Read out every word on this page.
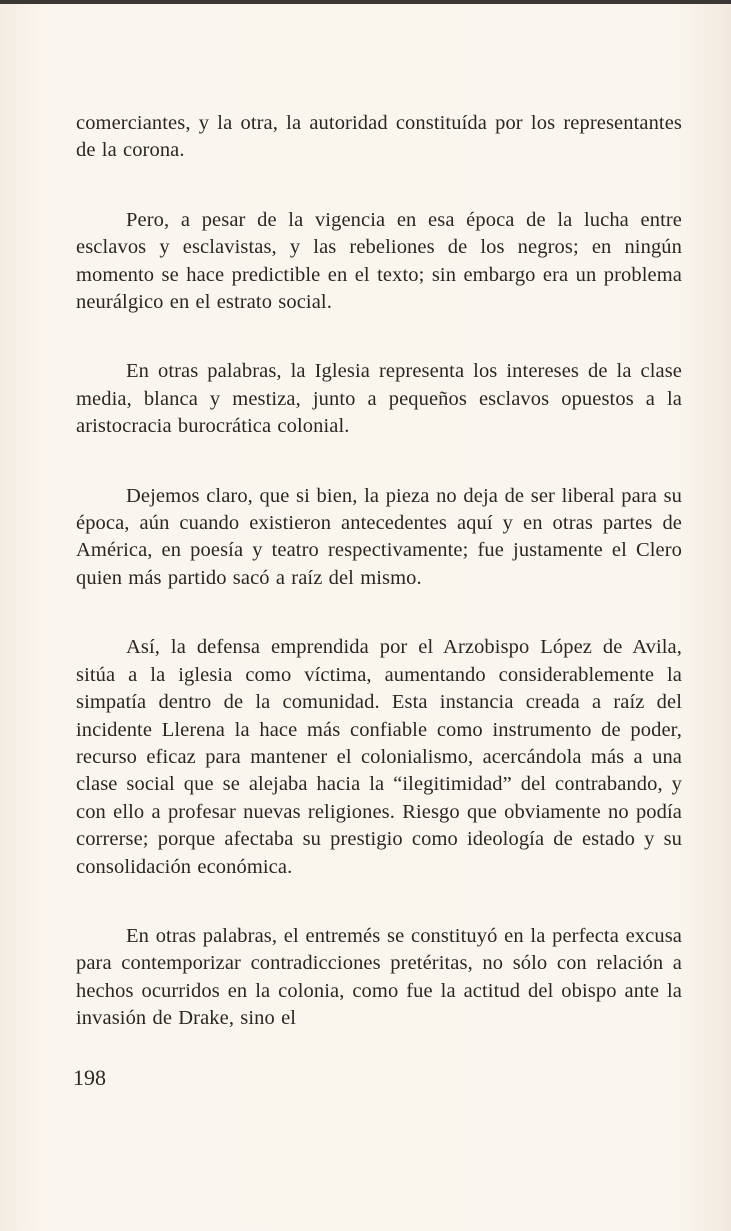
comerciantes, y la otra, la autoridad constituída por los representantes de la corona.

Pero, a pesar de la vigencia en esa época de la lucha entre esclavos y esclavistas, y las rebeliones de los negros; en ningún momento se hace predictible en el texto; sin embargo era un problema neurálgico en el estrato social.

En otras palabras, la Iglesia representa los intereses de la clase media, blanca y mestiza, junto a pequeños esclavos opuestos a la aristocracia burocrática colonial.

Dejemos claro, que si bien, la pieza no deja de ser liberal para su época, aún cuando existieron antecedentes aquí y en otras partes de América, en poesía y teatro respectivamente; fue justamente el Clero quien más partido sacó a raíz del mismo.

Así, la defensa emprendida por el Arzobispo López de Avila, sitúa a la iglesia como víctima, aumentando considerablemente la simpatía dentro de la comunidad. Esta instancia creada a raíz del incidente Llerena la hace más confiable como instrumento de poder, recurso eficaz para mantener el colonialismo, acercándola más a una clase social que se alejaba hacia la “ilegitimidad” del contrabando, y con ello a profesar nuevas religiones. Riesgo que obviamente no podía correrse; porque afectaba su prestigio como ideología de estado y su consolidación económica.

En otras palabras, el entremés se constituyó en la perfecta excusa para contemporizar contradicciones pretéritas, no sólo con relación a hechos ocurridos en la colonia, como fue la actitud del obispo ante la invasión de Drake, sino el

198
